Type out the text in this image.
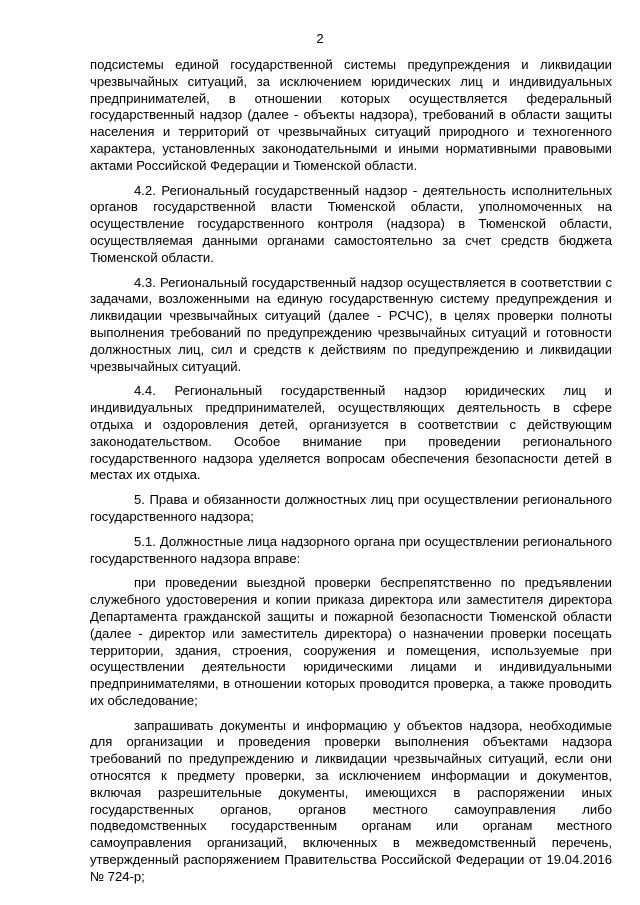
2

подсистемы единой государственной системы предупреждения и ликвидации чрезвычайных ситуаций, за исключением юридических лиц и индивидуальных предпринимателей, в отношении которых осуществляется федеральный государственный надзор (далее - объекты надзора), требований в области защиты населения и территорий от чрезвычайных ситуаций природного и техногенного характера, установленных законодательными и иными нормативными правовыми актами Российской Федерации и Тюменской области.

4.2. Региональный государственный надзор - деятельность исполнительных органов государственной власти Тюменской области, уполномоченных на осуществление государственного контроля (надзора) в Тюменской области, осуществляемая данными органами самостоятельно за счет средств бюджета Тюменской области.

4.3. Региональный государственный надзор осуществляется в соответствии с задачами, возложенными на единую государственную систему предупреждения и ликвидации чрезвычайных ситуаций (далее - РСЧС), в целях проверки полноты выполнения требований по предупреждению чрезвычайных ситуаций и готовности должностных лиц, сил и средств к действиям по предупреждению и ликвидации чрезвычайных ситуаций.

4.4. Региональный государственный надзор юридических лиц и индивидуальных предпринимателей, осуществляющих деятельность в сфере отдыха и оздоровления детей, организуется в соответствии с действующим законодательством. Особое внимание при проведении регионального государственного надзора уделяется вопросам обеспечения безопасности детей в местах их отдыха.

5. Права и обязанности должностных лиц при осуществлении регионального государственного надзора;

5.1. Должностные лица надзорного органа при осуществлении регионального государственного надзора вправе:

при проведении выездной проверки беспрепятственно по предъявлении служебного удостоверения и копии приказа директора или заместителя директора Департамента гражданской защиты и пожарной безопасности Тюменской области (далее - директор или заместитель директора) о назначении проверки посещать территории, здания, строения, сооружения и помещения, используемые при осуществлении деятельности юридическими лицами и индивидуальными предпринимателями, в отношении которых проводится проверка, а также проводить их обследование;

запрашивать документы и информацию у объектов надзора, необходимые для организации и проведения проверки выполнения объектами надзора требований по предупреждению и ликвидации чрезвычайных ситуаций, если они относятся к предмету проверки, за исключением информации и документов, включая разрешительные документы, имеющихся в распоряжении иных государственных органов, органов местного самоуправления либо подведомственных государственным органам или органам местного самоуправления организаций, включенных в межведомственный перечень, утвержденный распоряжением Правительства Российской Федерации от 19.04.2016 № 724-р;
